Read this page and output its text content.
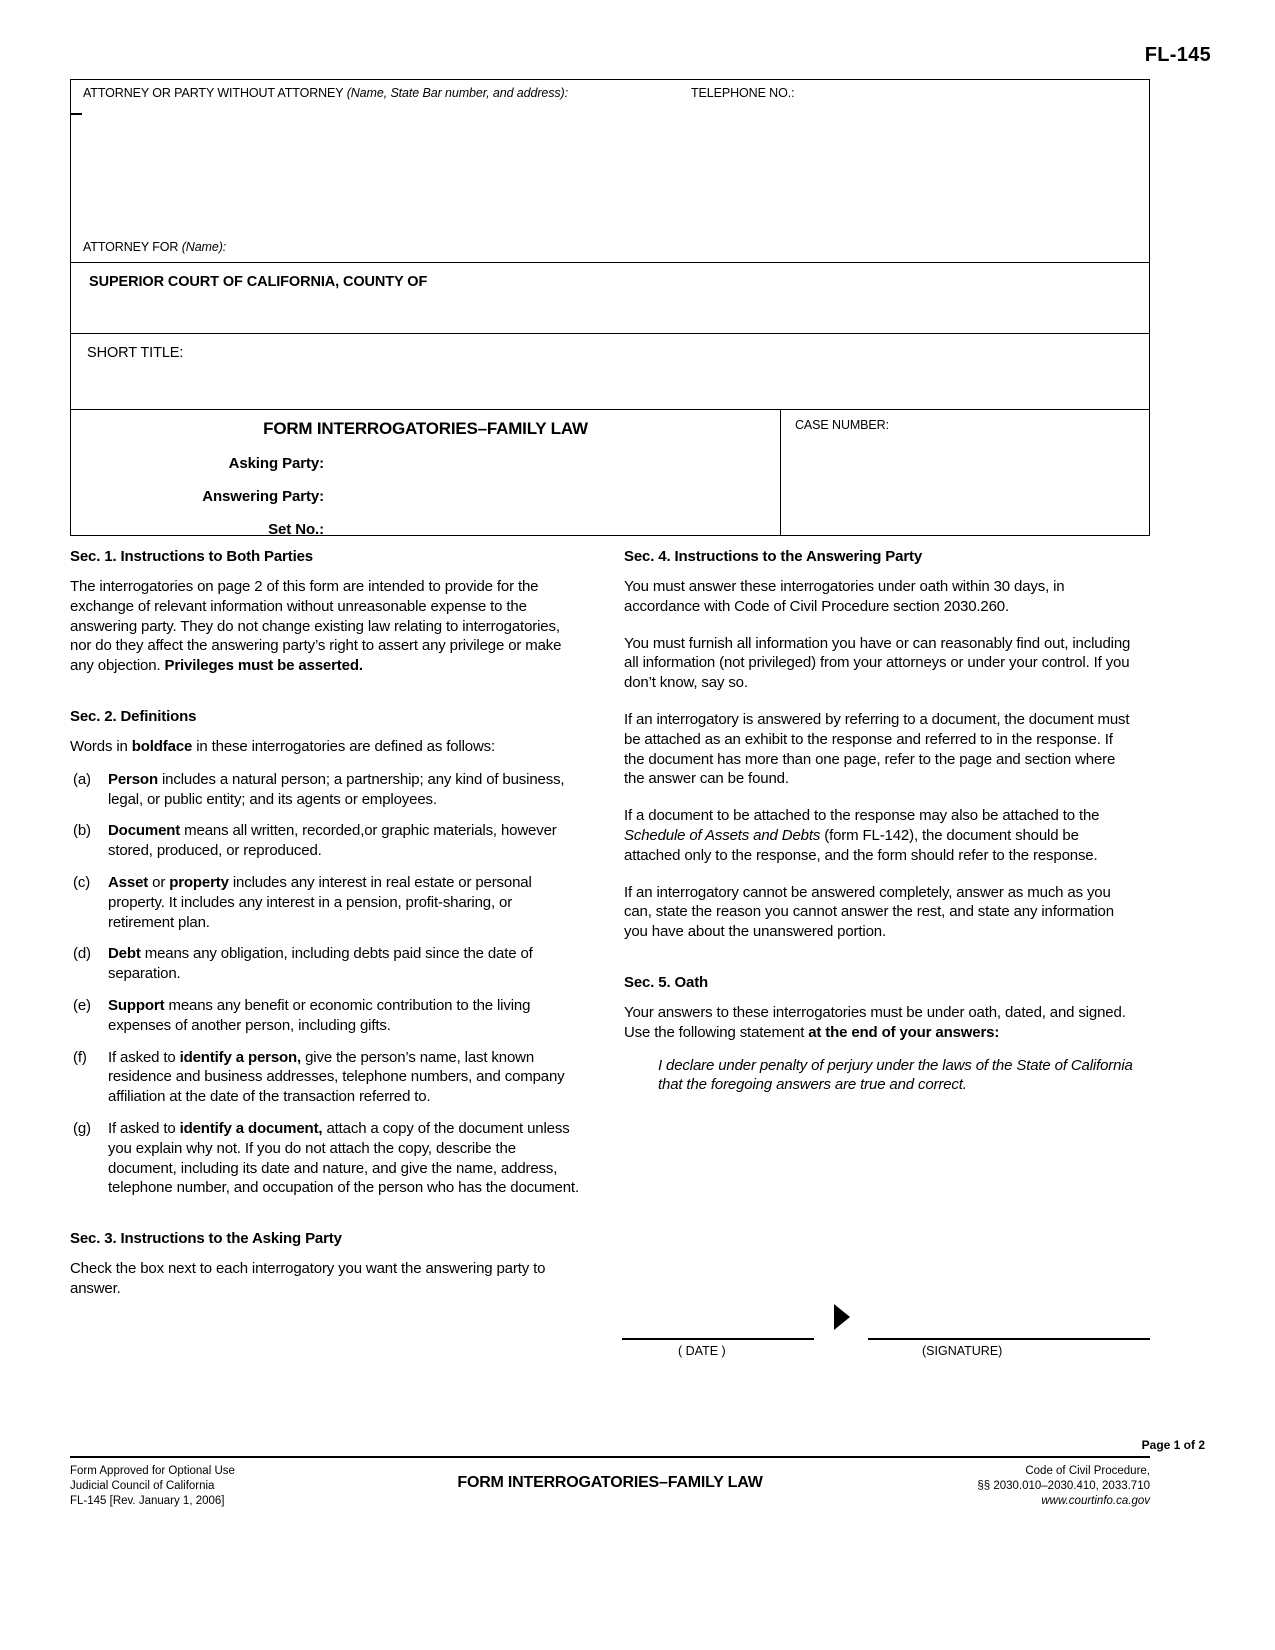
FL-145
ATTORNEY OR PARTY WITHOUT ATTORNEY (Name, State Bar number, and address):	TELEPHONE NO.:
ATTORNEY FOR (Name):
SUPERIOR COURT OF CALIFORNIA, COUNTY OF
SHORT TITLE:
FORM INTERROGATORIES–FAMILY LAW
Asking Party:
Answering Party:
Set No.:
CASE NUMBER:
Sec. 1. Instructions to Both Parties

The interrogatories on page 2 of this form are intended to provide for the exchange of relevant information without unreasonable expense to the answering party. They do not change existing law relating to interrogatories, nor do they affect the answering party’s right to assert any privilege or make any objection. Privileges must be asserted.

Sec. 2. Definitions

Words in boldface in these interrogatories are defined as follows:

(a)	Person includes a natural person; a partnership; any kind of business, legal, or public entity; and its agents or employees.
(b)	Document means all written, recorded,or graphic materials, however stored, produced, or reproduced.
(c)	Asset or property includes any interest in real estate or personal property. It includes any interest in a pension, profit-sharing, or retirement plan.
(d)	Debt means any obligation, including debts paid since the date of separation.
(e)	Support means any benefit or economic contribution to the living expenses of another person, including gifts.
(f)	If asked to identify a person, give the person’s name, last known residence and business addresses, telephone numbers, and company affiliation at the date of the transaction referred to.
(g)	If asked to identify a document, attach a copy of the document unless you explain why not. If you do not attach the copy, describe the document, including its date and nature, and give the name, address, telephone number, and occupation of the person who has the document.
Sec. 3. Instructions to the Asking Party

Check the box next to each interrogatory you want the answering party to answer.

Sec. 4. Instructions to the Answering Party

You must answer these interrogatories under oath within 30 days, in accordance with Code of Civil Procedure section 2030.260.

You must furnish all information you have or can reasonably find out, including all information (not privileged) from your attorneys or under your control. If you don’t know, say so.

If an interrogatory is answered by referring to a document, the document must be attached as an exhibit to the response and referred to in the response. If the document has more than one page, refer to the page and section where the answer can be found.

If a document to be attached to the response may also be attached to the Schedule of Assets and Debts (form FL-142), the document should be attached only to the response, and the form should refer to the response.

If an interrogatory cannot be answered completely, answer as much as you can, state the reason you cannot answer the rest, and state any information you have about the unanswered portion.

Sec. 5. Oath

Your answers to these interrogatories must be under oath, dated, and signed. Use the following statement at the end of your answers:

I declare under penalty of perjury under the laws of the State of California that the foregoing answers are true and correct.
( DATE )	(SIGNATURE)
Page 1 of 2
Form Approved for Optional Use
Judicial Council of California
FL-145 [Rev. January 1, 2006]
FORM INTERROGATORIES–FAMILY LAW
Code of Civil Procedure,
§§ 2030.010–2030.410, 2033.710
www.courtinfo.ca.gov
